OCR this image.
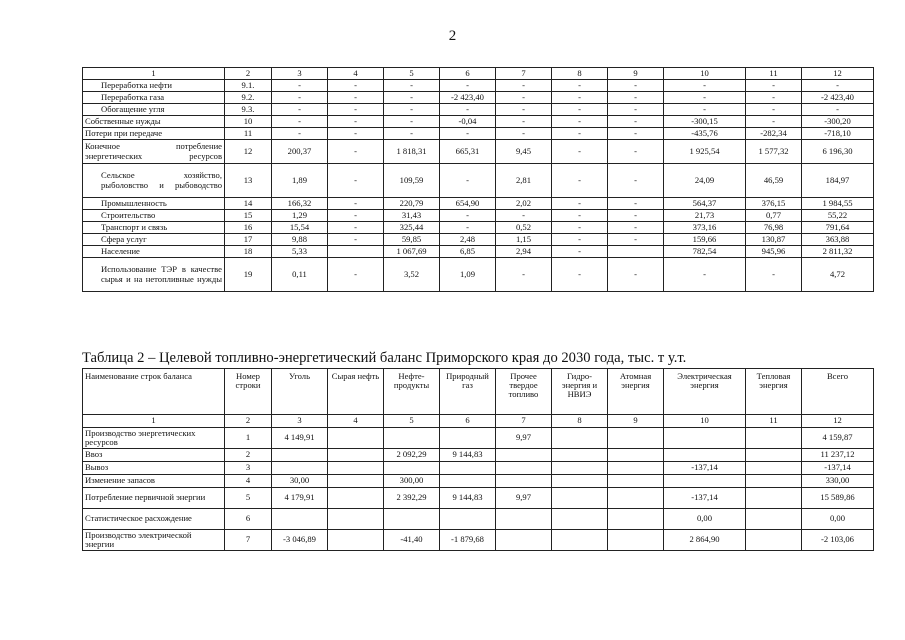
2
1	2	3	4	5	6	7	8	9	10	11	12
Переработка нефти	9.1.	-	-	-	-	-	-	-	-	-	-
Переработка газа	9.2.	-	-	-	-2 423,40	-	-	-	-	-	-2 423,40
Обогащение угля	9.3.	-	-	-	-	-	-	-	-	-	-
Собственные нужды	10	-	-	-	-0,04	-	-	-	-300,15	-	-300,20
Потери при передаче	11	-	-	-	-	-	-	-	-435,76	-282,34	-718,10
Конечное потребление энергетических ресурсов	12	200,37	-	1 818,31	665,31	9,45	-	-	1 925,54	1 577,32	6 196,30
Сельское хозяйство, рыболовство и рыбоводство	13	1,89	-	109,59	-	2,81	-	-	24,09	46,59	184,97
Промышленность	14	166,32	-	220,79	654,90	2,02	-	-	564,37	376,15	1 984,55
Строительство	15	1,29	-	31,43	-	-	-	-	21,73	0,77	55,22
Транспорт и связь	16	15,54	-	325,44	-	0,52	-	-	373,16	76,98	791,64
Сфера услуг	17	9,88	-	59,85	2,48	1,15	-	-	159,66	130,87	363,88
Население	18	5,33		1 067,69	6,85	2,94	-		782,54	945,96	2 811,32
Использование ТЭР в качестве сырья и на нетопливные нужды	19	0,11	-	3,52	1,09	-	-	-	-	-	4,72
Таблица 2 – Целевой топливно-энергетический баланс Приморского края до 2030 года, тыс. т у.т.
Наименование строк баланса	Номер строки	Уголь	Сырая нефть	Нефте-продукты	Природный газ	Прочее твердое топливо	Гидро-энергия и НВИЭ	Атомная энергия	Электрическая энергия	Тепловая энергия	Всего
1	2	3	4	5	6	7	8	9	10	11	12
Производство энергетических ресурсов	1	4 149,91				9,97					4 159,87
Ввоз	2			2 092,29	9 144,83						11 237,12
Вывоз	3								-137,14		-137,14
Изменение запасов	4	30,00		300,00							330,00
Потребление первичной энергии	5	4 179,91		2 392,29	9 144,83	9,97			-137,14		15 589,86
Статистическое расхождение	6								0,00		0,00
Производство электрической энергии	7	-3 046,89		-41,40	-1 879,68				2 864,90		-2 103,06
